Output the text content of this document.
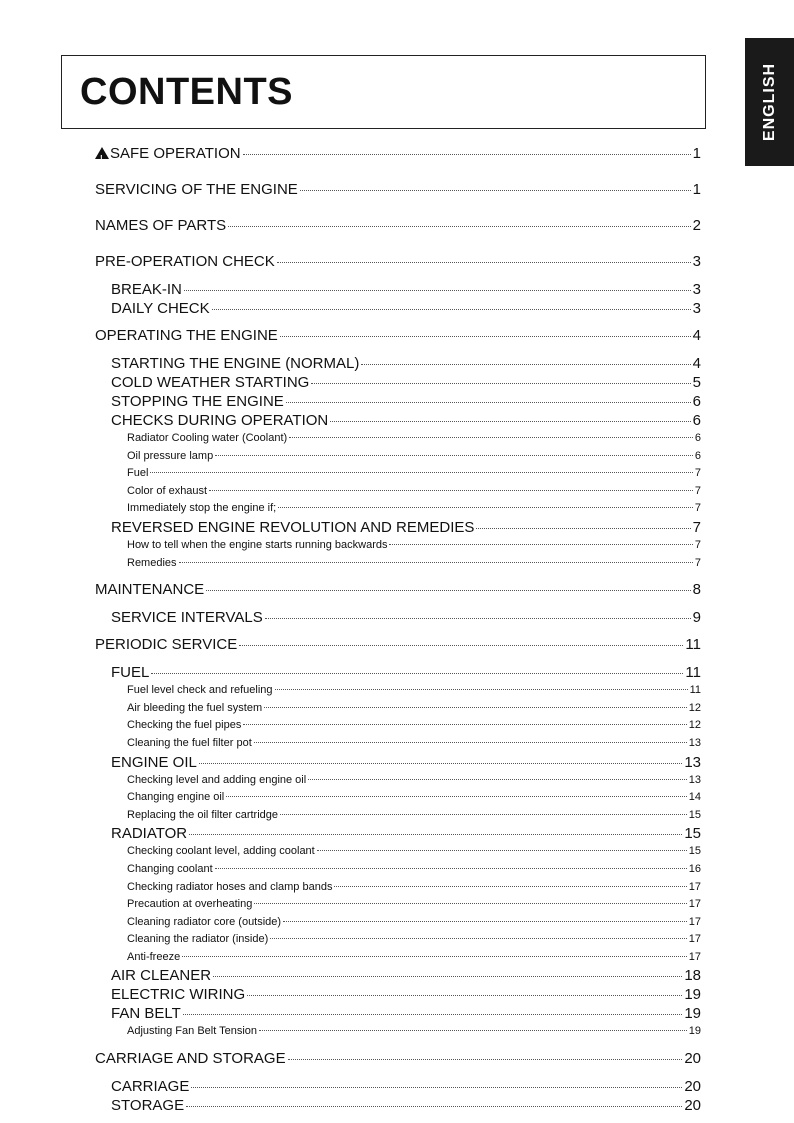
CONTENTS	ENGLISH
!SAFE OPERATION	1
SERVICING OF THE ENGINE	1
NAMES OF PARTS	2
PRE-OPERATION CHECK	3
BREAK-IN	3
DAILY CHECK	3
OPERATING THE ENGINE	4
STARTING THE ENGINE (NORMAL)	4
COLD WEATHER STARTING	5
STOPPING THE ENGINE	6
CHECKS DURING OPERATION	6
Radiator Cooling water (Coolant)	6
Oil pressure lamp	6
Fuel	7
Color of exhaust	7
Immediately stop the engine if;	7
REVERSED ENGINE REVOLUTION AND REMEDIES	7
How to tell when the engine starts running backwards	7
Remedies	7
MAINTENANCE	8
SERVICE INTERVALS	9
PERIODIC SERVICE	11
FUEL	11
Fuel level check and refueling	11
Air bleeding the fuel system	12
Checking the fuel pipes	12
Cleaning the fuel filter pot	13
ENGINE OIL	13
Checking level and adding engine oil	13
Changing engine oil	14
Replacing the oil filter cartridge	15
RADIATOR	15
Checking coolant level, adding coolant	15
Changing coolant	16
Checking radiator hoses and clamp bands	17
Precaution at overheating	17
Cleaning radiator core (outside)	17
Cleaning the radiator (inside)	17
Anti-freeze	17
AIR CLEANER	18
ELECTRIC WIRING	19
FAN BELT	19
Adjusting Fan Belt Tension	19
CARRIAGE AND STORAGE	20
CARRIAGE	20
STORAGE	20
